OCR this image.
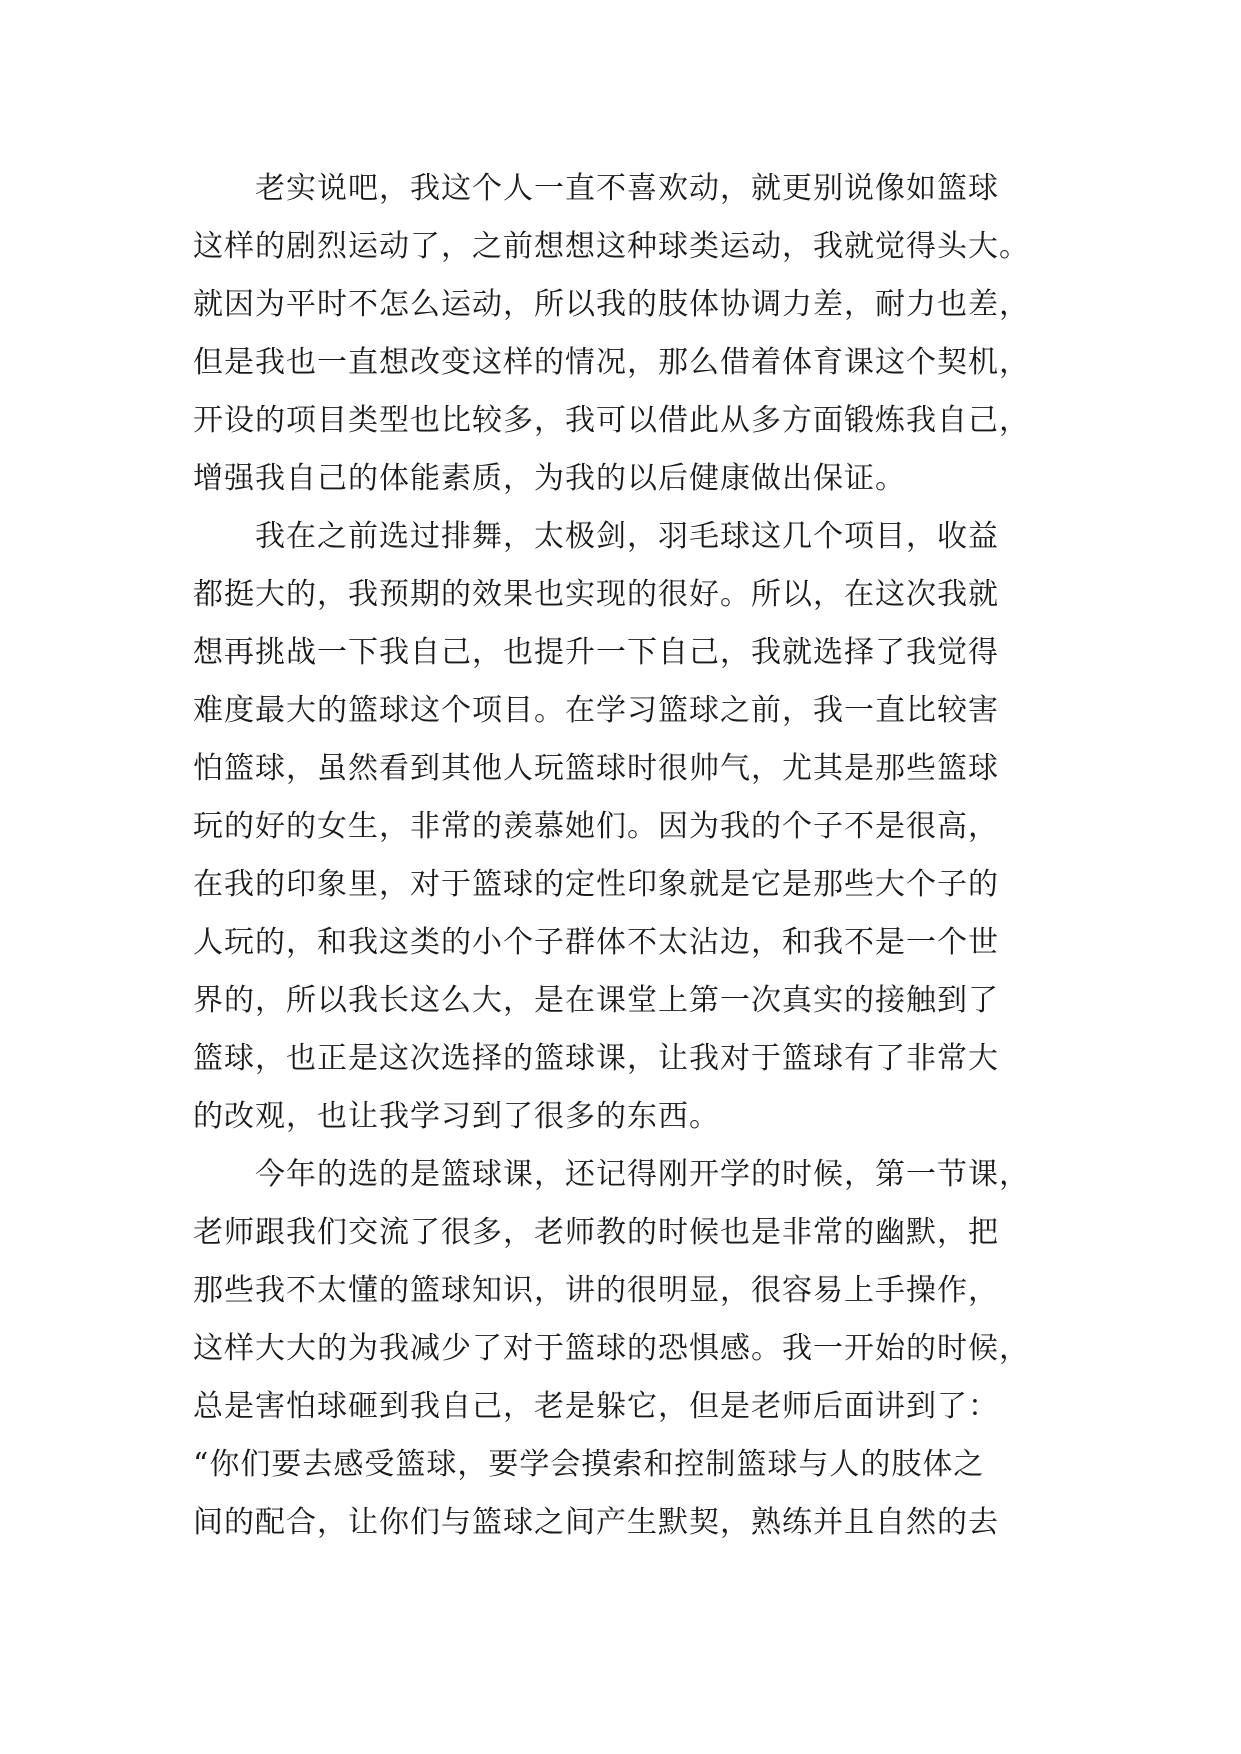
老实说吧，我这个人一直不喜欢动，就更别说像如篮球
这样的剧烈运动了，之前想想这种球类运动，我就觉得头大。
就因为平时不怎么运动，所以我的肢体协调力差，耐力也差，
但是我也一直想改变这样的情况，那么借着体育课这个契机，
开设的项目类型也比较多，我可以借此从多方面锻炼我自己，
增强我自己的体能素质，为我的以后健康做出保证。
我在之前选过排舞，太极剑，羽毛球这几个项目，收益
都挺大的，我预期的效果也实现的很好。所以，在这次我就
想再挑战一下我自己，也提升一下自己，我就选择了我觉得
难度最大的篮球这个项目。在学习篮球之前，我一直比较害
怕篮球，虽然看到其他人玩篮球时很帅气，尤其是那些篮球
玩的好的女生，非常的羡慕她们。因为我的个子不是很高，
在我的印象里，对于篮球的定性印象就是它是那些大个子的
人玩的，和我这类的小个子群体不太沾边，和我不是一个世
界的，所以我长这么大，是在课堂上第一次真实的接触到了
篮球，也正是这次选择的篮球课，让我对于篮球有了非常大
的改观，也让我学习到了很多的东西。
今年的选的是篮球课，还记得刚开学的时候，第一节课，
老师跟我们交流了很多，老师教的时候也是非常的幽默，把
那些我不太懂的篮球知识，讲的很明显，很容易上手操作，
这样大大的为我减少了对于篮球的恐惧感。我一开始的时候，
总是害怕球砸到我自己，老是躲它，但是老师后面讲到了：
“你们要去感受篮球，要学会摸索和控制篮球与人的肢体之
间的配合，让你们与篮球之间产生默契，熟练并且自然的去
